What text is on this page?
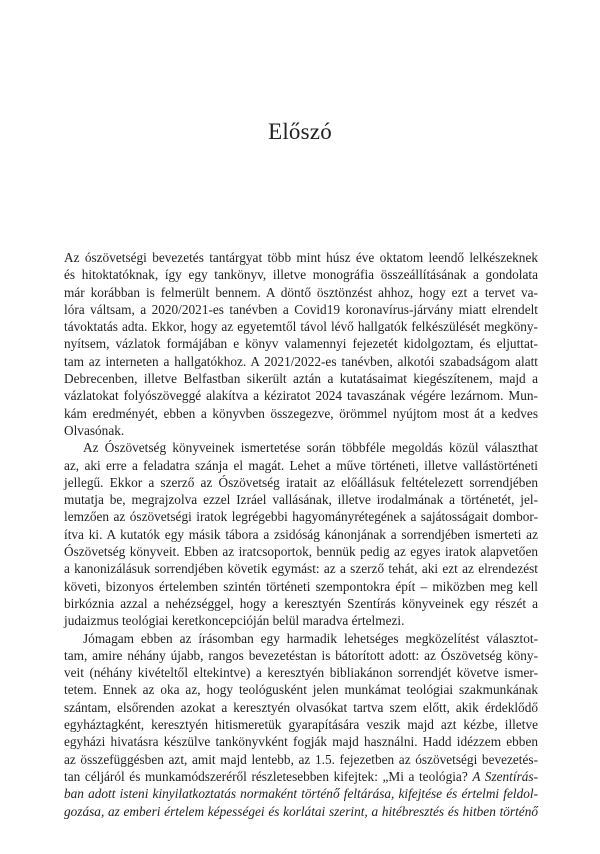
Előszó
Az ószövetségi bevezetés tantárgyat több mint húsz éve oktatom leendő lelkészeknek
és hitoktatóknak, így egy tankönyv, illetve monográfia összeállításának a gondolata
már korábban is felmerült bennem. A döntő ösztönzést ahhoz, hogy ezt a tervet va-
lóra váltsam, a 2020/2021-es tanévben a Covid19 koronavírus-járvány miatt elrendelt
távoktatás adta. Ekkor, hogy az egyetemtől távol lévő hallgatók felkészülését megköny-
nyítsem, vázlatok formájában e könyv valamennyi fejezetét kidolgoztam, és eljuttat-
tam az interneten a hallgatókhoz. A 2021/2022-es tanévben, alkotói szabadságom alatt
Debrecenben, illetve Belfastban sikerült aztán a kutatásaimat kiegészítenem, majd a
vázlatokat folyószöveggé alakítva a kéziratot 2024 tavaszának végére lezárnom. Mun-
kám eredményét, ebben a könyvben összegezve, örömmel nyújtom most át a kedves
Olvasónak.
Az Ószövetség könyveinek ismertetése során többféle megoldás közül választhat
az, aki erre a feladatra szánja el magát. Lehet a műve történeti, illetve vallástörténeti
jellegű. Ekkor a szerző az Ószövetség iratait az előállásuk feltételezett sorrendjében
mutatja be, megrajzolva ezzel Izráel vallásának, illetve irodalmának a történetét, jel-
lemzően az ószövetségi iratok legrégebbi hagyományrétegének a sajátosságait dombor-
ítva ki. A kutatók egy másik tábora a zsidóság kánonjának a sorrendjében ismerteti az
Ószövetség könyveit. Ebben az iratcsoportok, bennük pedig az egyes iratok alapvetően
a kanonizálásuk sorrendjében követik egymást: az a szerző tehát, aki ezt az elrendezést
követi, bizonyos értelemben szintén történeti szempontokra épít – miközben meg kell
birkóznia azzal a nehézséggel, hogy a keresztyén Szentírás könyveinek egy részét a
judaizmus teológiai keretkoncepcióján belül maradva értelmezi.
Jómagam ebben az írásomban egy harmadik lehetséges megközelítést választot-
tam, amire néhány újabb, rangos bevezetéstan is bátorított adott: az Ószövetség köny-
veit (néhány kivételtől eltekintve) a keresztyén bibliakánon sorrendjét követve ismer-
tetem. Ennek az oka az, hogy teológusként jelen munkámat teológiai szakmunkának
szántam, elsőrenden azokat a keresztyén olvasókat tartva szem előtt, akik érdeklődő
egyháztagként, keresztyén hitismeretük gyarapítására veszik majd azt kézbe, illetve
egyházi hivatásra készülve tankönyvként fogják majd használni. Hadd idézzem ebben
az összefüggésben azt, amit majd lentebb, az 1.5. fejezetben az ószövetségi bevezetés-
tan céljáról és munkamódszeréről részletesebben kifejtek: „Mi a teológia? A Szentírás-
ban adott isteni kinyilatkoztatás normaként történő feltárása, kifejtése és értelmi feldol-
gozása, az emberi értelem képességei és korlátai szerint, a hitébresztés és hitben történő
